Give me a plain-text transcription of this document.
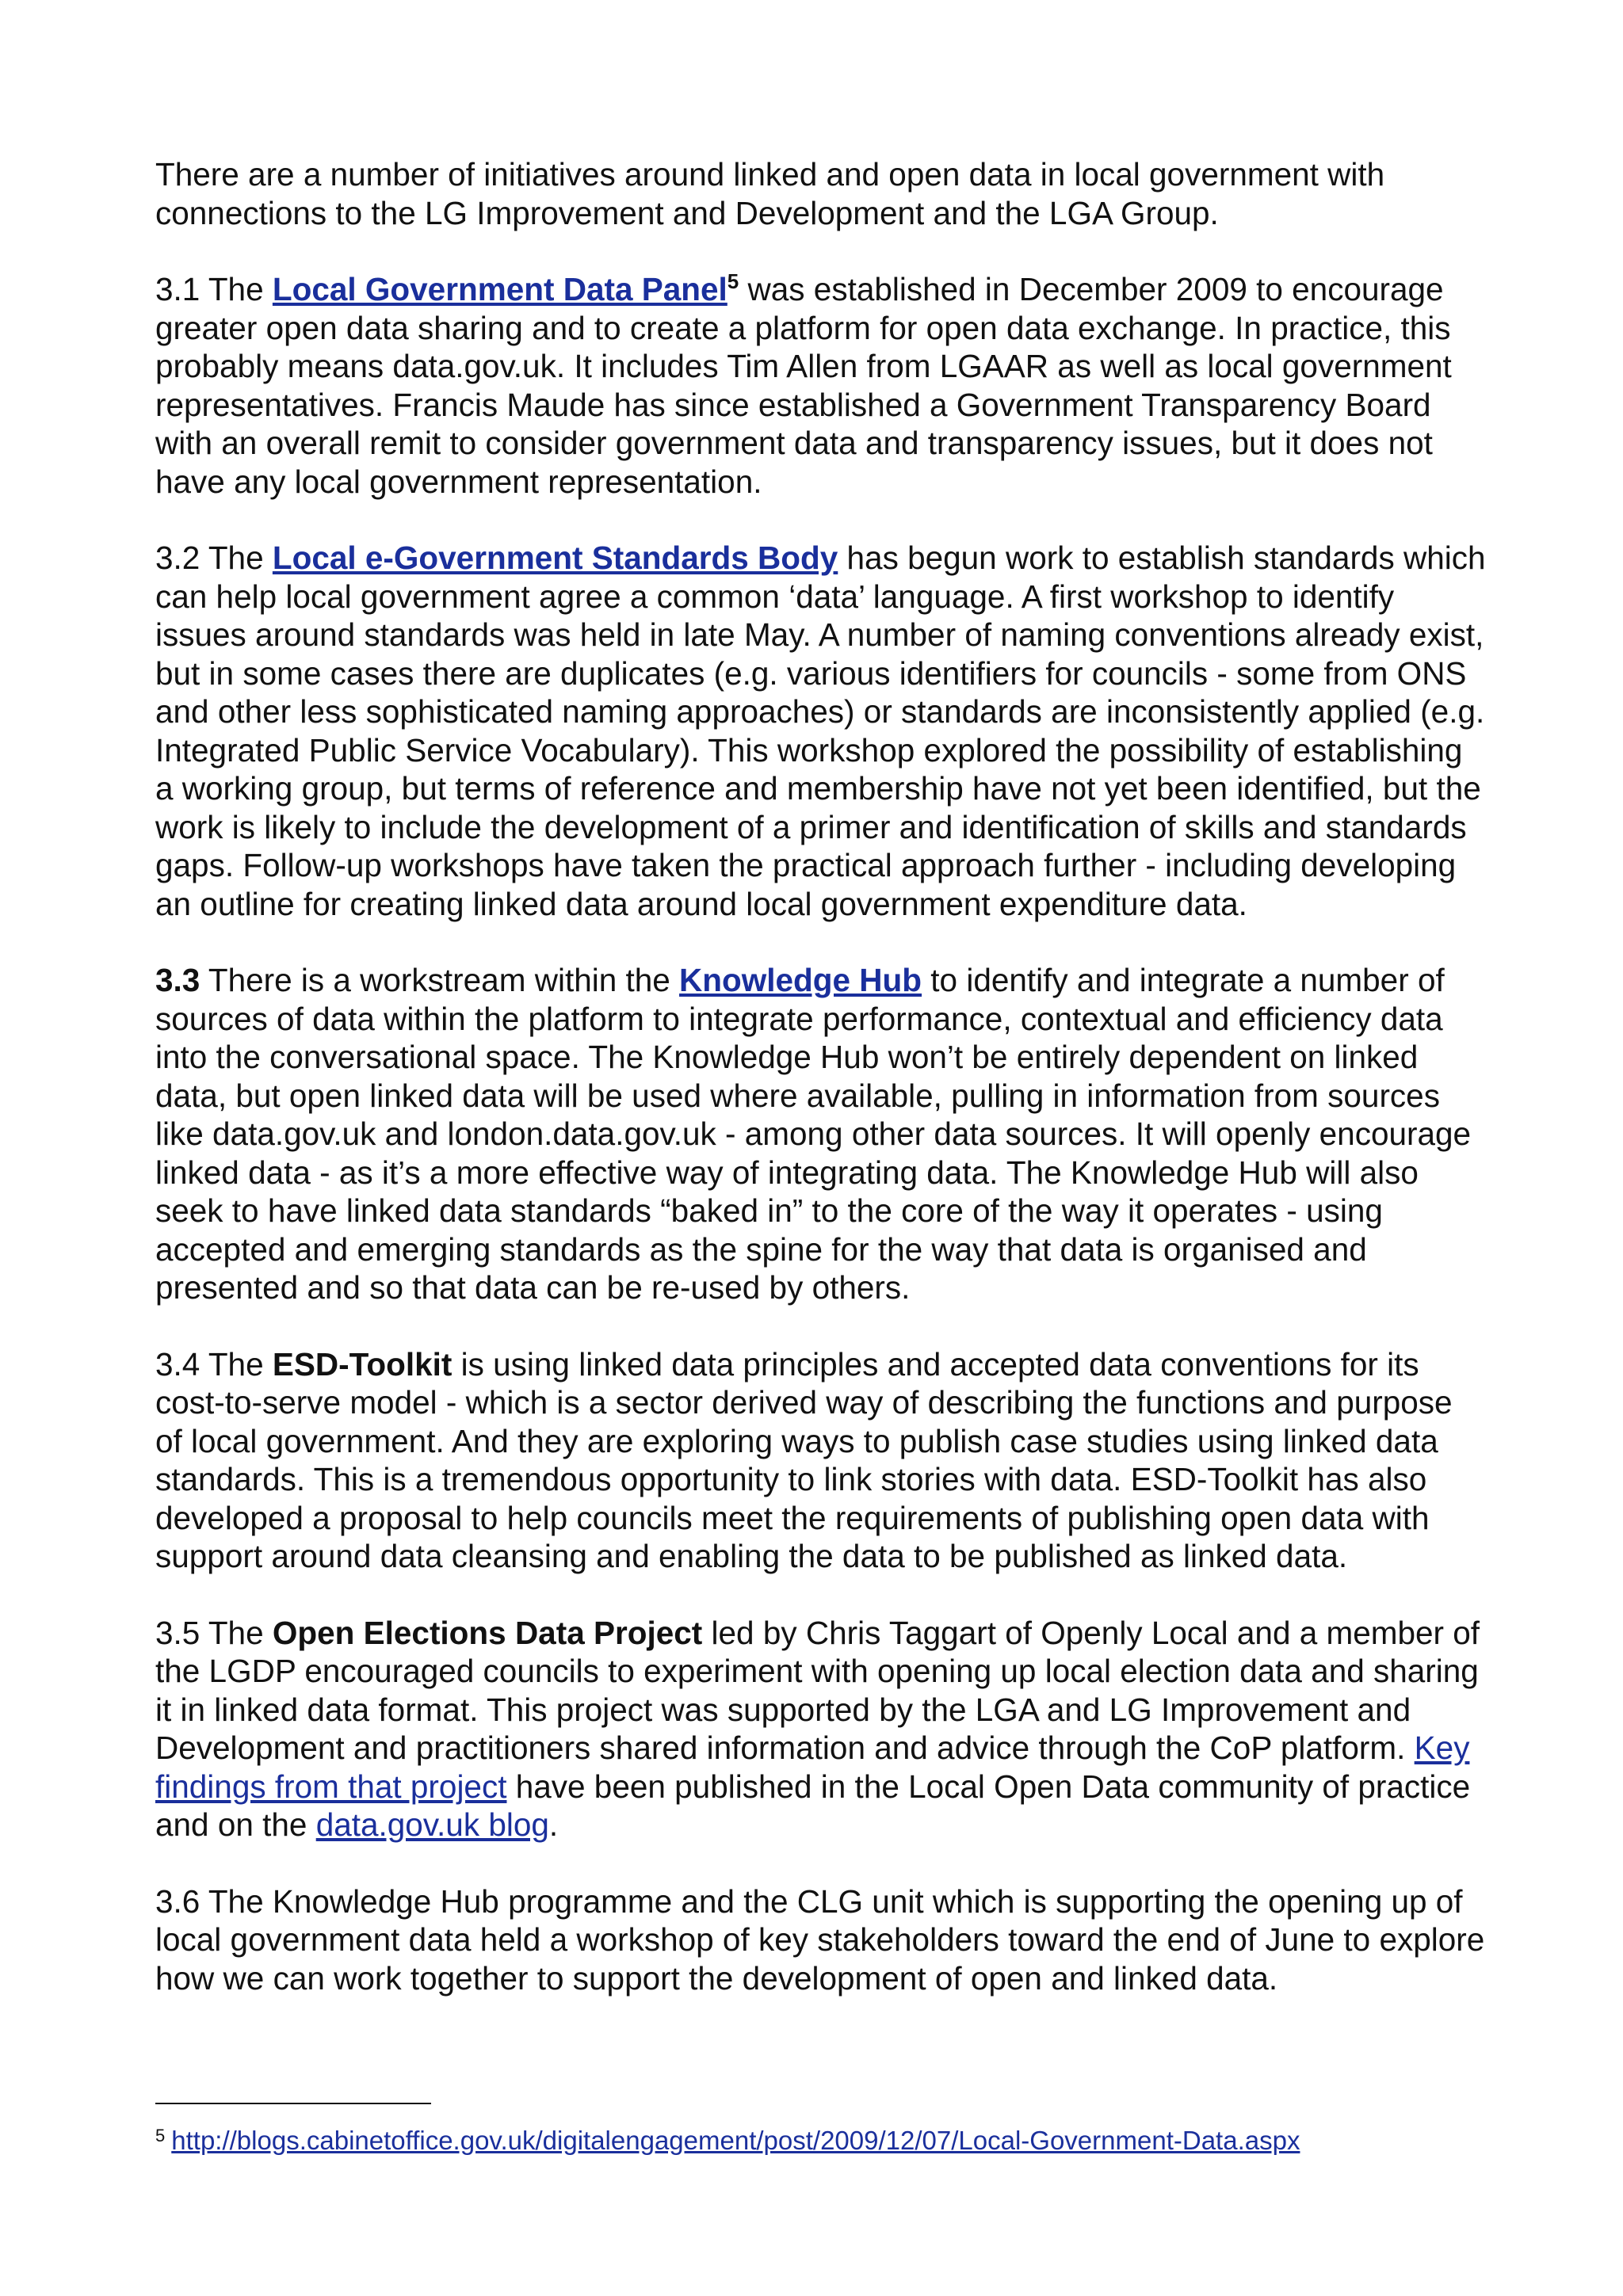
There are a number of initiatives around linked and open data in local government with connections to the LG Improvement and Development and the LGA Group.

3.1 The Local Government Data Panel$^5$ was established in December 2009 to encourage greater open data sharing and to create a platform for open data exchange. In practice, this probably means data.gov.uk. It includes Tim Allen from LGAAR as well as local government representatives. Francis Maude has since established a Government Transparency Board with an overall remit to consider government data and transparency issues, but it does not have any local government representation.

3.2 The Local e-Government Standards Body has begun work to establish standards which can help local government agree a common ‘data’ language. A first workshop to identify issues around standards was held in late May. A number of naming conventions already exist, but in some cases there are duplicates (e.g. various identifiers for councils - some from ONS and other less sophisticated naming approaches) or standards are inconsistently applied (e.g. Integrated Public Service Vocabulary). This workshop explored the possibility of establishing a working group, but terms of reference and membership have not yet been identified, but the work is likely to include the development of a primer and identification of skills and standards gaps. Follow-up workshops have taken the practical approach further - including developing an outline for creating linked data around local government expenditure data.

3.3 There is a workstream within the Knowledge Hub to identify and integrate a number of sources of data within the platform to integrate performance, contextual and efficiency data into the conversational space. The Knowledge Hub won’t be entirely dependent on linked data, but open linked data will be used where available, pulling in information from sources like data.gov.uk and london.data.gov.uk - among other data sources. It will openly encourage linked data - as it’s a more effective way of integrating data. The Knowledge Hub will also seek to have linked data standards “baked in” to the core of the way it operates - using accepted and emerging standards as the spine for the way that data is organised and presented and so that data can be re-used by others.

3.4 The ESD-Toolkit is using linked data principles and accepted data conventions for its cost-to-serve model - which is a sector derived way of describing the functions and purpose of local government. And they are exploring ways to publish case studies using linked data standards. This is a tremendous opportunity to link stories with data. ESD-Toolkit has also developed a proposal to help councils meet the requirements of publishing open data with support around data cleansing and enabling the data to be published as linked data.

3.5 The Open Elections Data Project led by Chris Taggart of Openly Local and a member of the LGDP encouraged councils to experiment with opening up local election data and sharing it in linked data format. This project was supported by the LGA and LG Improvement and Development and practitioners shared information and advice through the CoP platform. Key findings from that project have been published in the Local Open Data community of practice and on the data.gov.uk blog.

3.6 The Knowledge Hub programme and the CLG unit which is supporting the opening up of local government data held a workshop of key stakeholders toward the end of June to explore how we can work together to support the development of open and linked data.

$^5$ http://blogs.cabinetoffice.gov.uk/digitalengagement/post/2009/12/07/Local-Government-Data.aspx
